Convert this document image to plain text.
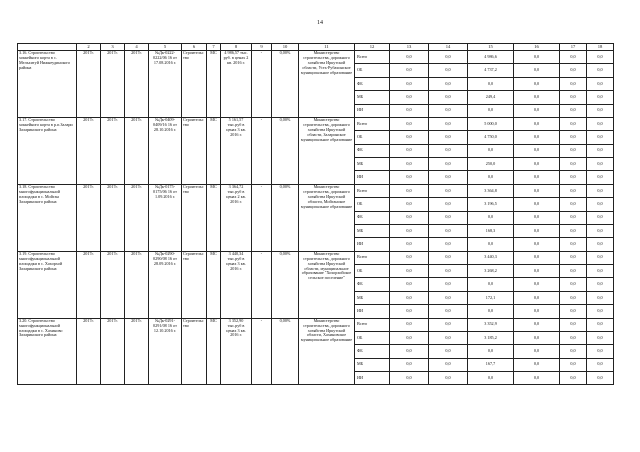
14
	2	3	4	5	6	7	8	9	10	11	12	13	14	15	16	17	18
3.16. Строительство хоккейного корта в с. Мельхитуй Нижнеудинского района	2017г.	2017г.	2017г.	№Дк-0222-0222/06 16 от 17.08.2016 г.	Строительство	МС	4 986,57 тыс. руб. в ценах 2 кв. 2016 г.	-	0,00%	Министерство строительства, дорожного хозяйства Иркутской области, Усть-Рубахинское муниципальное образование	Всего	0,0	0,0	4 986,6	0,0	0,0	0,0
											ОБ	0,0	0,0	4 737,2	0,0	0,0	0,0
											ФБ	0,0	0,0	0,0	0,0	0,0	0,0
											МБ	0,0	0,0	249,4	0,0	0,0	0,0
											ИИ	0,0	0,0	0,0	0,0	0,0	0,0
3.17. Строительство хоккейного корта в р.п.Залари Заларинского района	2017г.	2017г.	2017г.	№Дк-0409-0409/16 16 от 28.10.2016 г.	Строительство	МС	5 161,57 тыс.руб в ценах 3 кв. 2016 г.	-	0,00%	Министерство строительства, дорожного хозяйства Иркутской области, Заларинское муниципальное образование	Всего	0,0	0,0	5 000,0	0,0	0,0	0,0
											ОБ	0,0	0,0	4 750,0	0,0	0,0	0,0
											ФБ	0,0	0,0	0,0	0,0	0,0	0,0
											МБ	0,0	0,0	250,0	0,0	0,0	0,0
											ИИ	0,0	0,0	0,0	0,0	0,0	0,0
3.18. Строительство многофункциональной площадки в с. Мойган Заларинского района	2017г.	2017г.	2017г.	№Дк-0175-0175/06 16 от 1.09.2016 г.	Строительство	МС	3 364,72 тыс.руб в ценах 2 кв. 2016 г.	-	0,00%	Министерство строительства, дорожного хозяйства Иркутской области, Мойганское муниципальное образование	Всего	0,0	0,0	3 364,8	0,0	0,0	0,0
											ОБ	0,0	0,0	3 196,5	0,0	0,0	0,0
											ФБ	0,0	0,0	0,0	0,0	0,0	0,0
											МБ	0,0	0,0	168,3	0,0	0,0	0,0
											ИИ	0,0	0,0	0,0	0,0	0,0	0,0
3.19. Строительство многофункциональной площадки в с. Хохорхой Заларинского района	2017г.	2017г.	2017г.	№Дк-0290-0290/08 16 от 28.09.2016 г.	Строительство	МС	3 440,34 тыс.руб в ценах 3 кв. 2016 г.	-	0,00%	Министерство строительства, дорожного хозяйства Иркутской области, муниципальное образование "Хохорхойское сельское поселение"	Всего	0,0	0,0	3 440,3	0,0	0,0	0,0
											ОБ	0,0	0,0	3 268,2	0,0	0,0	0,0
											ФБ	0,0	0,0	0,0	0,0	0,0	0,0
											МБ	0,0	0,0	172,1	0,0	0,0	0,0
											ИИ	0,0	0,0	0,0	0,0	0,0	0,0
3.20. Строительство многофункциональной площадки в с. Хахиново Заларинского района	2017г.	2017г.	2017г.	№Дк-0291-0291/08 16 от 12.10.2016 г.	Строительство	МС	3 352,90 тыс.руб в ценах 3 кв. 2016 г.	-	0,00%	Министерство строительства, дорожного хозяйства Иркутской области, Хахиновское муниципальное образование	Всего	0,0	0,0	3 352,9	0,0	0,0	0,0
											ОБ	0,0	0,0	3 185,2	0,0	0,0	0,0
											ФБ	0,0	0,0	0,0	0,0	0,0	0,0
											МБ	0,0	0,0	167,7	0,0	0,0	0,0
											ИИ	0,0	0,0	0,0	0,0	0,0	0,0
